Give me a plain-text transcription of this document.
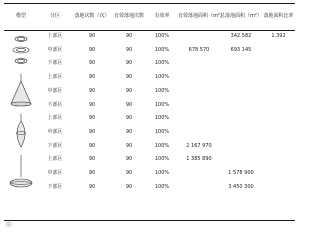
模型	分区	落地次数（次）	有效落地次数	有效率	有效落地面积（m²）	总落地面积（m²）	落地面积比率

	上部区	90	90	100%		342 582	1.392
	中部区	90	90	100%	678 570	693 145	
	下部区	90	90	100%			

	上部区	90	90	100%			
	中部区	90	90	100%			
	下部区	90	90	100%			

	上部区	90	90	100%			
	中部区	90	90	100%			
	下部区	90	90	100%	2 167 970		

	上部区	90	90	100%	1 385 890		
	中部区	90	90	100%		1 578 900	
	下部区	90	90	100%		3 450 300	
注：
